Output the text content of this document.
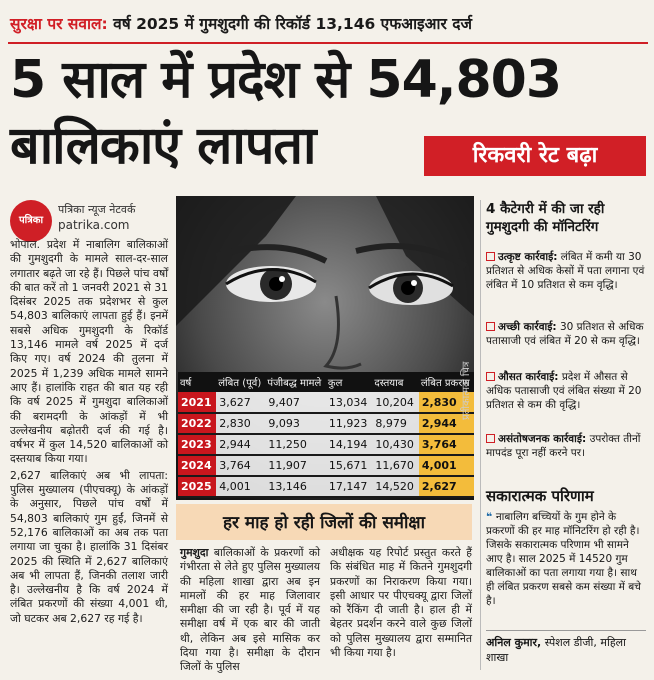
सुरक्षा पर सवाल: वर्ष 2025 में गुमशुदगी की रिकॉर्ड 13,146 एफआइआर दर्ज
5 साल में प्रदेश से 54,803
बालिकाएं लापता	रिकवरी रेट बढ़ा
पत्रिका
पत्रिका न्यूज नेटवर्क
patrika.com

भोपाल. प्रदेश में नाबालिग बालिकाओं की गुमशुदगी के मामले साल-दर-साल लगातार बढ़ते जा रहे हैं। पिछले पांच वर्षों की बात करें तो 1 जनवरी 2021 से 31 दिसंबर 2025 तक प्रदेशभर से कुल 54,803 बालिकाएं लापता हुई हैं। इनमें सबसे अधिक गुमशुदगी के रिकॉर्ड 13,146 मामले वर्ष 2025 में दर्ज किए गए। वर्ष 2024 की तुलना में 2025 में 1,239 अधिक मामले सामने आए हैं। हालांकि राहत की बात यह रही कि वर्ष 2025 में गुमशुदा बालिकाओं की बरामदगी के आंकड़ों में भी उल्लेखनीय बढ़ोतरी दर्ज की गई है। वर्षभर में कुल 14,520 बालिकाओं को दस्तयाब किया गया।

2,627 बालिकाएं अब भी लापता: पुलिस मुख्यालय (पीएचक्यू) के आंकड़ों के अनुसार, पिछले पांच वर्षों में 54,803 बालिकाएं गुम हुईं, जिनमें से 52,176 बालिकाओं का अब तक पता लगाया जा चुका है। हालांकि 31 दिसंबर 2025 की स्थिति में 2,627 बालिकाएं अब भी लापता हैं, जिनकी तलाश जारी है। उल्लेखनीय है कि वर्ष 2024 में लंबित प्रकरणों की संख्या 4,001 थी, जो घटकर अब 2,627 रह गई है।

वर्ष	लंबित (पूर्व)	पंजीबद्ध मामले	कुल	दस्तयाब	लंबित प्रकरण
2021	3,627	9,407	13,034	10,204	2,830
2022	2,830	9,093	11,923	8,979	2,944
2023	2,944	11,250	14,194	10,430	3,764
2024	3,764	11,907	15,671	11,670	4,001
2025	4,001	13,146	17,147	14,520	2,627
प्रतीकात्मक चित्र
हर माह हो रही जिलों की समीक्षा
गुमशुदा बालिकाओं के प्रकरणों को गंभीरता से लेते हुए पुलिस मुख्यालय की महिला शाखा द्वारा अब इन मामलों की हर माह जिलावार समीक्षा की जा रही है। पूर्व में यह समीक्षा वर्ष में एक बार की जाती थी, लेकिन अब इसे मासिक कर दिया गया है। समीक्षा के दौरान जिलों के पुलिस
अधीक्षक यह रिपोर्ट प्रस्तुत करते हैं कि संबंधित माह में कितने गुमशुदगी प्रकरणों का निराकरण किया गया। इसी आधार पर पीएचक्यू द्वारा जिलों को रैंकिंग दी जाती है। हाल ही में बेहतर प्रदर्शन करने वाले कुछ जिलों को पुलिस मुख्यालय द्वारा सम्मानित भी किया गया है।
4 कैटेगरी में की जा रही गुमशुदगी की मॉनिटरिंग
उत्कृष्ट कार्रवाई: लंबित में कमी या 30 प्रतिशत से अधिक केसों में पता लगाना एवं लंबित में 10 प्रतिशत से कम वृद्धि।
अच्छी कार्रवाई: 30 प्रतिशत से अधिक पतासाजी एवं लंबित में 20 से कम वृद्धि।
औसत कार्रवाई: प्रदेश में औसत से अधिक पतासाजी एवं लंबित संख्या में 20 प्रतिशत से कम की वृद्धि।
असंतोषजनक कार्रवाई: उपरोक्त तीनों मापदंड पूरा नहीं करने पर।
सकारात्मक परिणाम
❝ नाबालिग बच्चियों के गुम होने के प्रकरणों की हर माह मॉनिटरिंग हो रही है। जिसके सकारात्मक परिणाम भी सामने आए है। साल 2025 में 14520 गुम बालिकाओं का पता लगाया गया है। साथ ही लंबित प्रकरण सबसे कम संख्या में बचे है।
अनिल कुमार, स्पेशल डीजी, महिला शाखा
